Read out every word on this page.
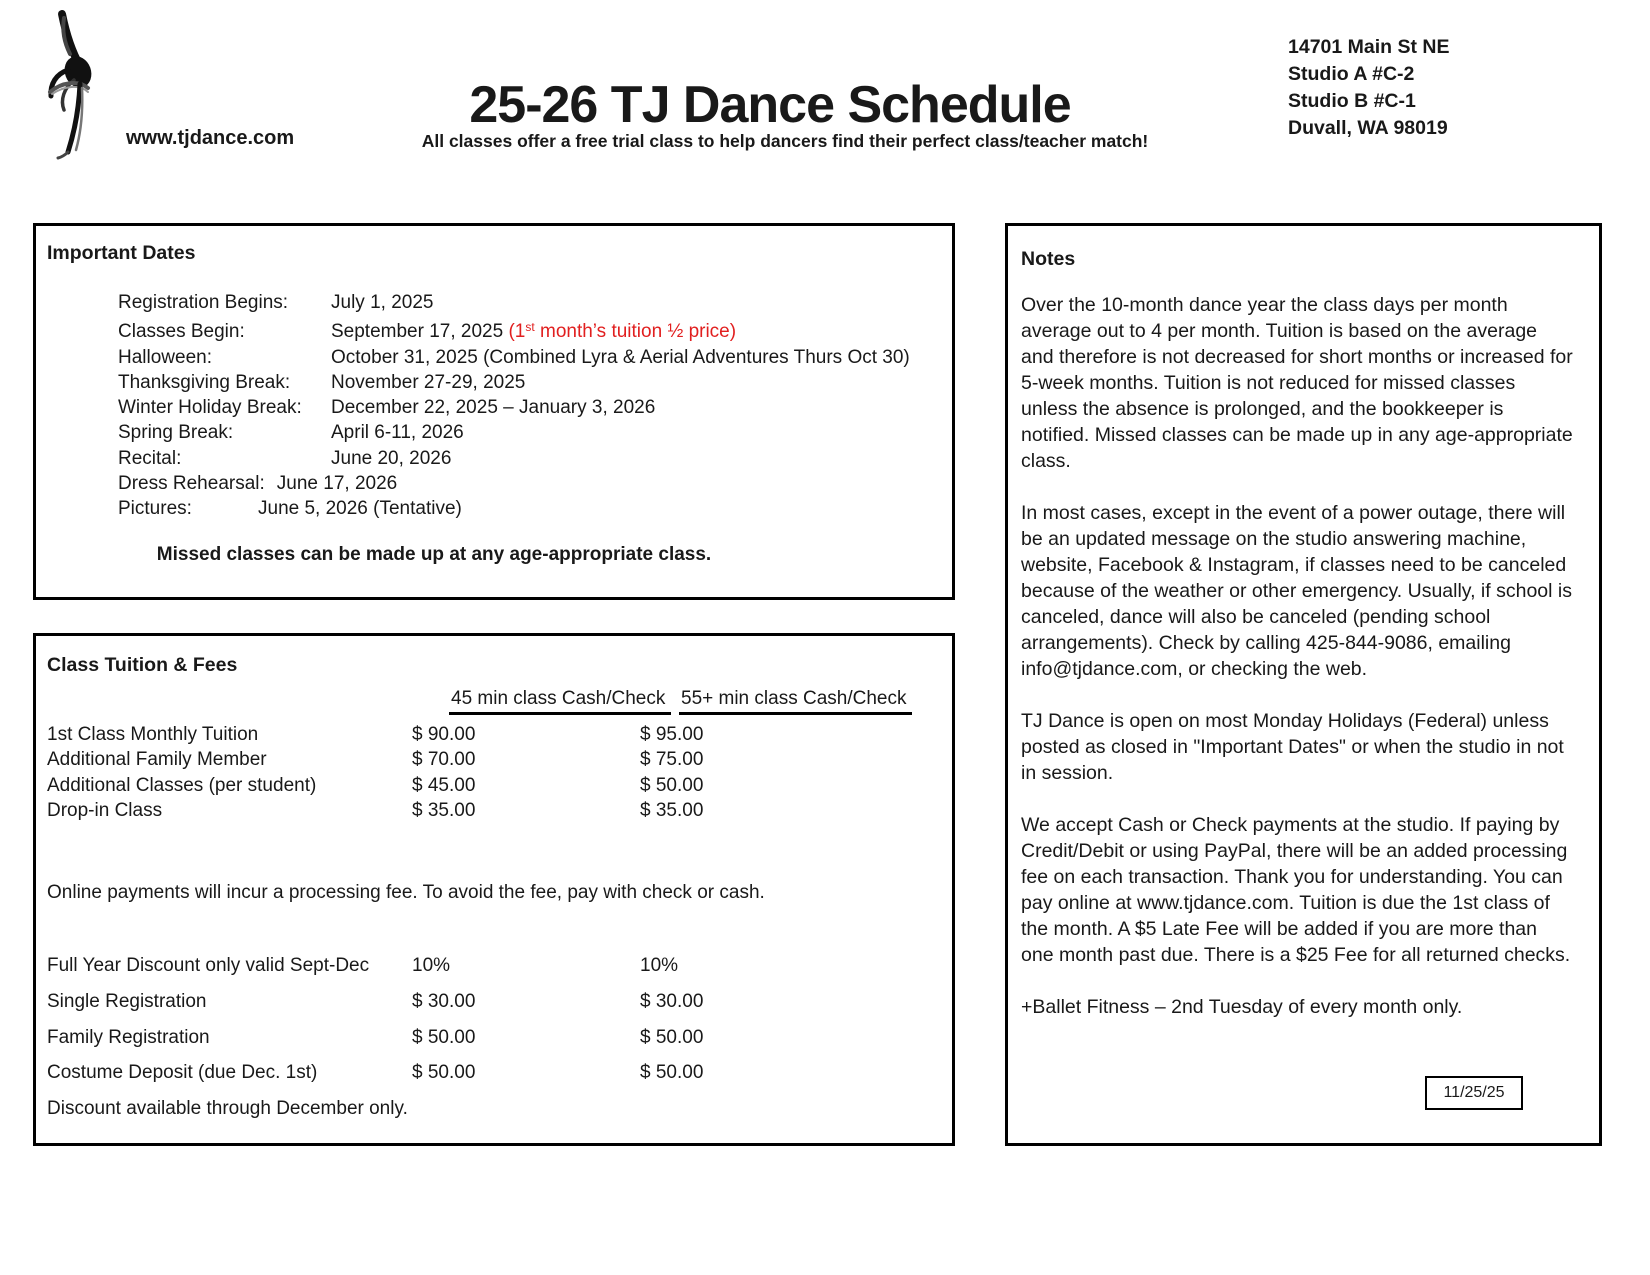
www.tjdance.com
25-26 TJ Dance Schedule
All classes offer a free trial class to help dancers find their perfect class/teacher match!
14701 Main St NE
Studio A #C-2
Studio B #C-1
Duvall, WA 98019
Important Dates
Registration Begins: July 1, 2025
Classes Begin:	September 17, 2025 (1st month’s tuition ½ price)
Halloween:	October 31, 2025 (Combined Lyra & Aerial Adventures Thurs Oct 30)
Thanksgiving Break: November 27-29, 2025
Winter Holiday Break: December 22, 2025 – January 3, 2026
Spring Break:	April 6-11, 2026
Recital:	June 20, 2026
Dress Rehearsal: June 17, 2026
Pictures:	June 5, 2026 (Tentative)
Missed classes can be made up at any age-appropriate class.
Class Tuition & Fees
45 min class Cash/Check 55+ min class Cash/Check
1st Class Monthly Tuition	$ 90.00	$ 95.00
Additional Family Member	$ 70.00	$ 75.00
Additional Classes (per student)	$ 45.00	$ 50.00
Drop-in Class	$ 35.00	$ 35.00
Online payments will incur a processing fee. To avoid the fee, pay with check or cash.
Full Year Discount only valid Sept-Dec	10%	10%
Single Registration	$ 30.00	$ 30.00
Family Registration	$ 50.00	$ 50.00
Costume Deposit (due Dec. 1st)	$ 50.00	$ 50.00
Discount available through December only.
Notes

Over the 10-month dance year the class days per month average out to 4 per month. Tuition is based on the average and therefore is not decreased for short months or increased for 5-week months. Tuition is not reduced for missed classes unless the absence is prolonged, and the bookkeeper is notified. Missed classes can be made up in any age-appropriate class.

In most cases, except in the event of a power outage, there will be an updated message on the studio answering machine, website, Facebook & Instagram, if classes need to be canceled because of the weather or other emergency. Usually, if school is canceled, dance will also be canceled (pending school arrangements). Check by calling 425-844-9086, emailing info@tjdance.com, or checking the web.

TJ Dance is open on most Monday Holidays (Federal) unless posted as closed in "Important Dates" or when the studio in not in session.

We accept Cash or Check payments at the studio. If paying by Credit/Debit or using PayPal, there will be an added processing fee on each transaction. Thank you for understanding. You can pay online at www.tjdance.com. Tuition is due the 1st class of the month. A $5 Late Fee will be added if you are more than one month past due. There is a $25 Fee for all returned checks.

+Ballet Fitness – 2nd Tuesday of every month only.

11/25/25
